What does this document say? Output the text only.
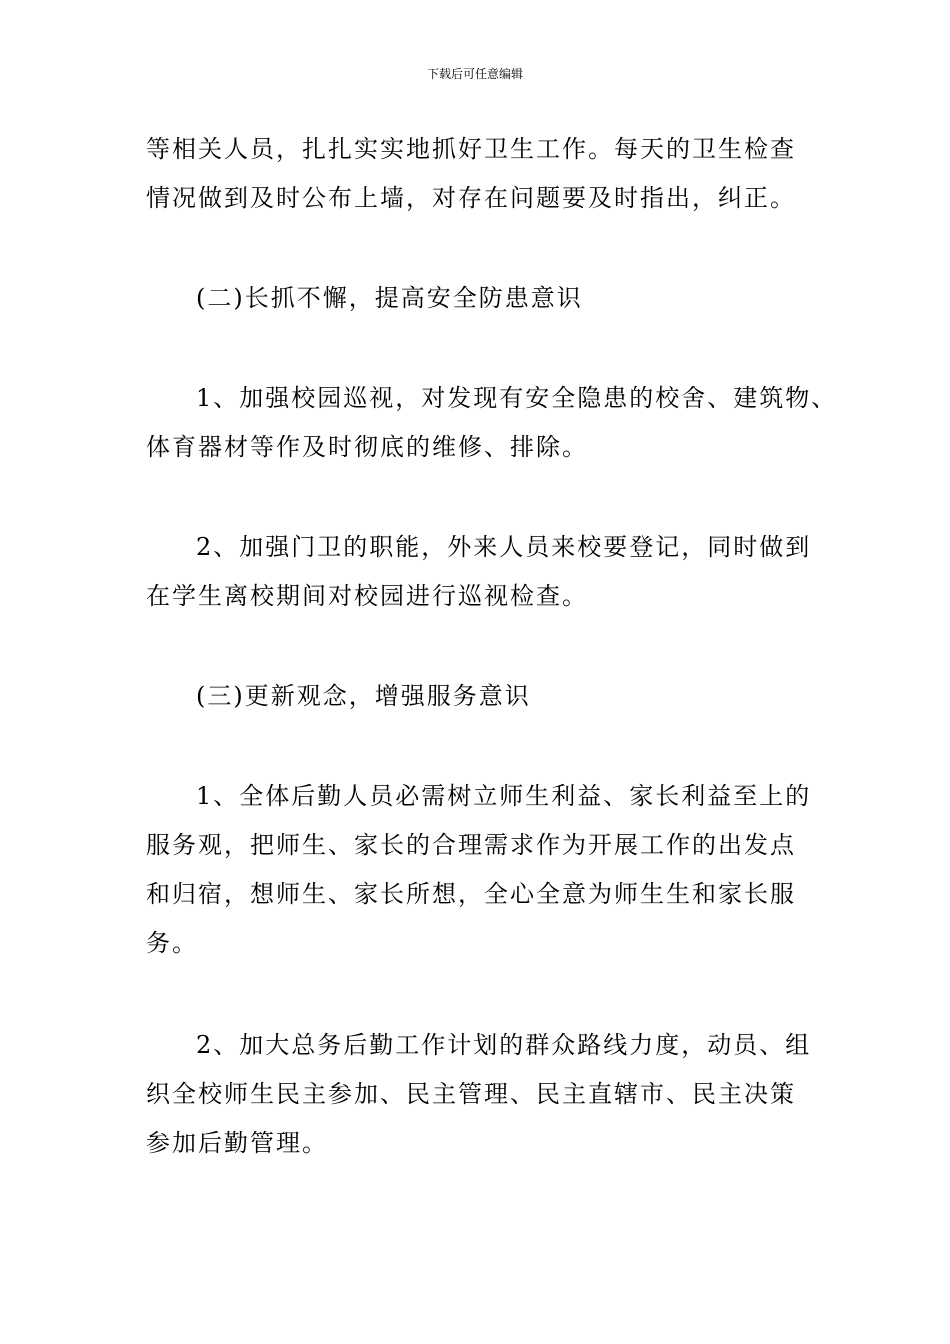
下载后可任意编辑
等相关人员，扎扎实实地抓好卫生工作。每天的卫生检查
情况做到及时公布上墙，对存在问题要及时指出，纠正。
(二)长抓不懈，提高安全防患意识
1、加强校园巡视，对发现有安全隐患的校舍、建筑物、
体育器材等作及时彻底的维修、排除。
2、加强门卫的职能，外来人员来校要登记，同时做到
在学生离校期间对校园进行巡视检查。
(三)更新观念，增强服务意识
1、全体后勤人员必需树立师生利益、家长利益至上的
服务观，把师生、家长的合理需求作为开展工作的出发点
和归宿，想师生、家长所想，全心全意为师生生和家长服
务。
2、加大总务后勤工作计划的群众路线力度，动员、组
织全校师生民主参加、民主管理、民主直辖市、民主决策
参加后勤管理。
